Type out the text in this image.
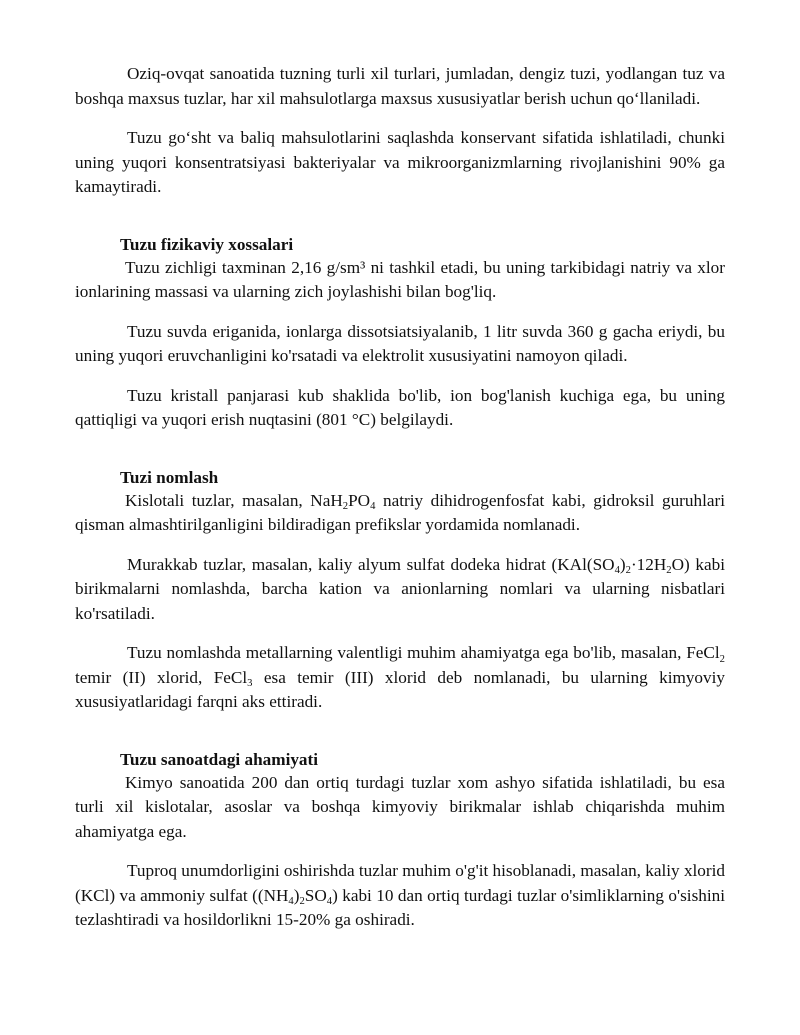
Oziq-ovqat sanoatida tuzning turli xil turlari, jumladan, dengiz tuzi, yodlangan tuz va boshqa maxsus tuzlar, har xil mahsulotlarga maxsus xususiyatlar berish uchun qo‘llaniladi.

Tuzu go‘sht va baliq mahsulotlarini saqlashda konservant sifatida ishlatiladi, chunki uning yuqori konsentratsiyasi bakteriyalar va mikroorganizmlarning rivojlanishini 90% ga kamaytiradi.

Tuzu fizikaviy xossalari

Tuzu zichligi taxminan 2,16 g/sm³ ni tashkil etadi, bu uning tarkibidagi natriy va xlor ionlarining massasi va ularning zich joylashishi bilan bog'liq.

Tuzu suvda eriganida, ionlarga dissotsiatsiyalanib, 1 litr suvda 360 g gacha eriydi, bu uning yuqori eruvchanligini ko'rsatadi va elektrolit xususiyatini namoyon qiladi.

Tuzu kristall panjarasi kub shaklida bo'lib, ion bog'lanish kuchiga ega, bu uning qattiqligi va yuqori erish nuqtasini (801 °C) belgilaydi.

Tuzi nomlash

Kislotali tuzlar, masalan, $NaH_2PO_4$ natriy dihidrogenfosfat kabi, gidroksil guruhlari qisman almashtirilganligini bildiradigan prefikslar yordamida nomlanadi.

Murakkab tuzlar, masalan, kaliy alyum sulfat dodeka hidrat $(KAl(SO_4)_2\cdot 12H_2O)$ kabi birikmalarni nomlashda, barcha kation va anionlarning nomlari va ularning nisbatlari ko'rsatiladi.

Tuzu nomlashda metallarning valentligi muhim ahamiyatga ega bo'lib, masalan, FeCl$_2$ temir (II) xlorid, FeCl$_3$ esa temir (III) xlorid deb nomlanadi, bu ularning kimyoviy xususiyatlaridagi farqni aks ettiradi.

Tuzu sanoatdagi ahamiyati

Kimyo sanoatida 200 dan ortiq turdagi tuzlar xom ashyo sifatida ishlatiladi, bu esa turli xil kislotalar, asoslar va boshqa kimyoviy birikmalar ishlab chiqarishda muhim ahamiyatga ega.

Tuproq unumdorligini oshirishda tuzlar muhim o'g'it hisoblanadi, masalan, kaliy xlorid (KCl) va ammoniy sulfat $((NH_4)_2SO_4)$ kabi 10 dan ortiq turdagi tuzlar o'simliklarning o'sishini tezlashtiradi va hosildorlikni 15-20% ga oshiradi.
